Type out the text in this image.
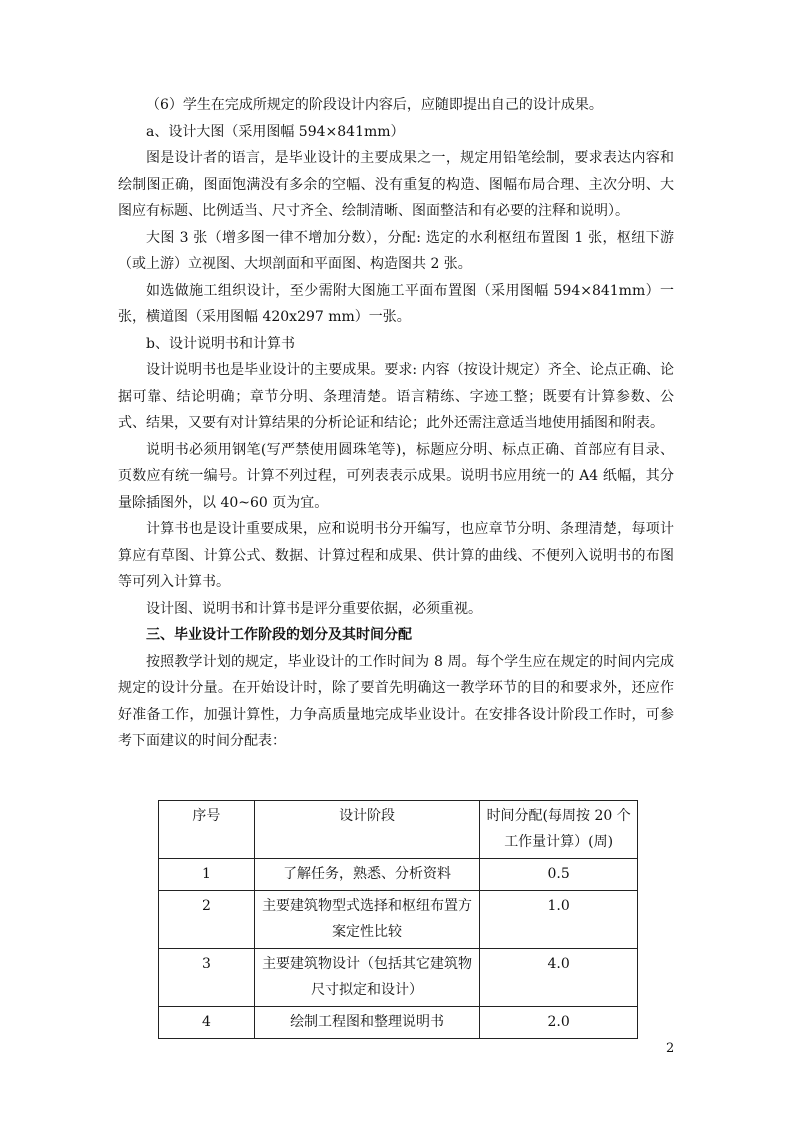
（6）学生在完成所规定的阶段设计内容后，应随即提出自己的设计成果。

a、设计大图（采用图幅 594×841mm）

图是设计者的语言，是毕业设计的主要成果之一，规定用铅笔绘制，要求表达内容和绘制图正确，图面饱满没有多余的空幅、没有重复的构造、图幅布局合理、主次分明、大图应有标题、比例适当、尺寸齐全、绘制清晰、图面整洁和有必要的注释和说明）。

大图 3 张（增多图一律不增加分数），分配: 选定的水利枢纽布置图 1 张，枢纽下游（或上游）立视图、大坝剖面和平面图、构造图共 2 张。

如选做施工组织设计，至少需附大图施工平面布置图（采用图幅 594×841mm）一张，横道图（采用图幅 420x297 mm）一张。

b、设计说明书和计算书

设计说明书也是毕业设计的主要成果。要求: 内容（按设计规定）齐全、论点正确、论据可靠、结论明确；章节分明、条理清楚。语言精练、字迹工整；既要有计算参数、公式、结果，又要有对计算结果的分析论证和结论；此外还需注意适当地使用插图和附表。

说明书必须用钢笔(写严禁使用圆珠笔等)，标题应分明、标点正确、首部应有目录、页数应有统一编号。计算不列过程，可列表表示成果。说明书应用统一的 A4 纸幅，其分量除插图外，以 40~60 页为宜。

计算书也是设计重要成果，应和说明书分开编写，也应章节分明、条理清楚，每项计算应有草图、计算公式、数据、计算过程和成果、供计算的曲线、不便列入说明书的布图等可列入计算书。

设计图、说明书和计算书是评分重要依据，必须重视。

三、毕业设计工作阶段的划分及其时间分配

按照教学计划的规定，毕业设计的工作时间为 8 周。每个学生应在规定的时间内完成规定的设计分量。在开始设计时，除了要首先明确这一教学环节的目的和要求外，还应作好准备工作，加强计算性，力争高质量地完成毕业设计。在安排各设计阶段工作时，可参考下面建议的时间分配表：

序号	设计阶段	时间分配(每周按 20 个工作量计算）(周)
1	了解任务，熟悉、分析资料	0.5
2	主要建筑物型式选择和枢纽布置方案定性比较	1.0
3	主要建筑物设计（包括其它建筑物尺寸拟定和设计）	4.0
4	绘制工程图和整理说明书	2.0
2
